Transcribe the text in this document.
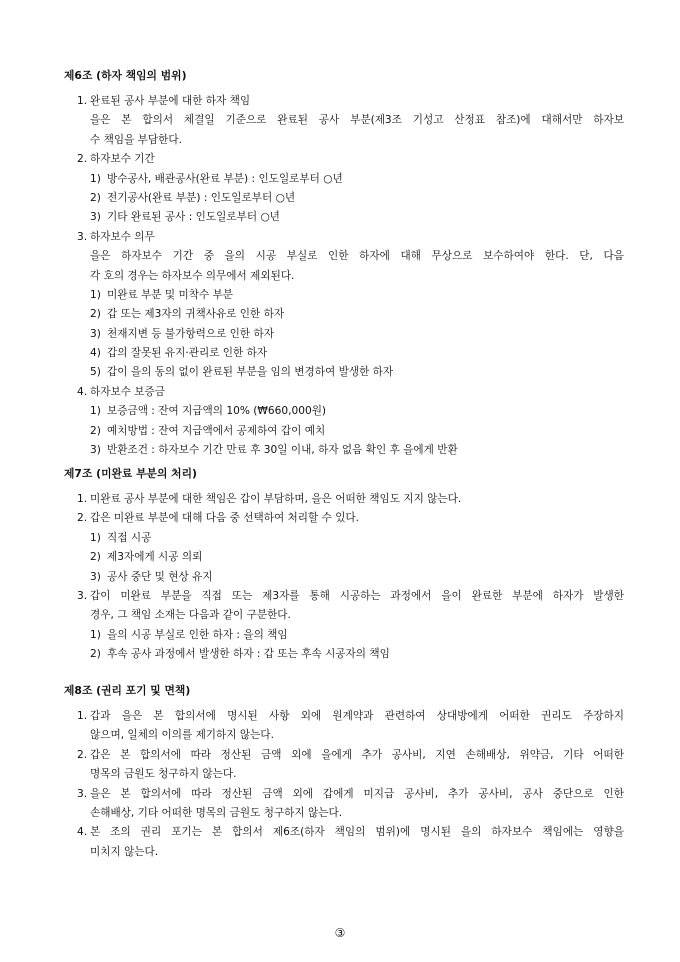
제6조 (하자 책임의 범위)
1. 완료된 공사 부분에 대한 하자 책임
을은 본 합의서 체결일 기준으로 완료된 공사 부분(제3조 기성고 산정표 참조)에 대해서만 하자보
수 책임을 부담한다.
2. 하자보수 기간
1) 방수공사, 배관공사(완료 부분) : 인도일로부터 ○년
2) 전기공사(완료 부분) : 인도일로부터 ○년
3) 기타 완료된 공사 : 인도일로부터 ○년
3. 하자보수 의무
을은 하자보수 기간 중 을의 시공 부실로 인한 하자에 대해 무상으로 보수하여야 한다. 단, 다음
각 호의 경우는 하자보수 의무에서 제외된다.
1) 미완료 부분 및 미착수 부분
2) 갑 또는 제3자의 귀책사유로 인한 하자
3) 천재지변 등 불가항력으로 인한 하자
4) 갑의 잘못된 유지·관리로 인한 하자
5) 갑이 을의 동의 없이 완료된 부분을 임의 변경하여 발생한 하자
4. 하자보수 보증금
1) 보증금액 : 잔여 지급액의 10% (₩660,000원)
2) 예치방법 : 잔여 지급액에서 공제하여 갑이 예치
3) 반환조건 : 하자보수 기간 만료 후 30일 이내, 하자 없음 확인 후 을에게 반환
제7조 (미완료 부분의 처리)
1. 미완료 공사 부분에 대한 책임은 갑이 부담하며, 을은 어떠한 책임도 지지 않는다.
2. 갑은 미완료 부분에 대해 다음 중 선택하여 처리할 수 있다.
1) 직접 시공
2) 제3자에게 시공 의뢰
3) 공사 중단 및 현상 유지
3. 갑이 미완료 부분을 직접 또는 제3자를 통해 시공하는 과정에서 을이 완료한 부분에 하자가 발생한
경우, 그 책임 소재는 다음과 같이 구분한다.
1) 을의 시공 부실로 인한 하자 : 을의 책임
2) 후속 공사 과정에서 발생한 하자 : 갑 또는 후속 시공자의 책임
제8조 (권리 포기 및 면책)
1. 갑과 을은 본 합의서에 명시된 사항 외에 원계약과 관련하여 상대방에게 어떠한 권리도 주장하지
않으며, 일체의 이의를 제기하지 않는다.
2. 갑은 본 합의서에 따라 정산된 금액 외에 을에게 추가 공사비, 지연 손해배상, 위약금, 기타 어떠한
명목의 금원도 청구하지 않는다.
3. 을은 본 합의서에 따라 정산된 금액 외에 갑에게 미지급 공사비, 추가 공사비, 공사 중단으로 인한
손해배상, 기타 어떠한 명목의 금원도 청구하지 않는다.
4. 본 조의 권리 포기는 본 합의서 제6조(하자 책임의 범위)에 명시된 을의 하자보수 책임에는 영향을
미치지 않는다.
③
